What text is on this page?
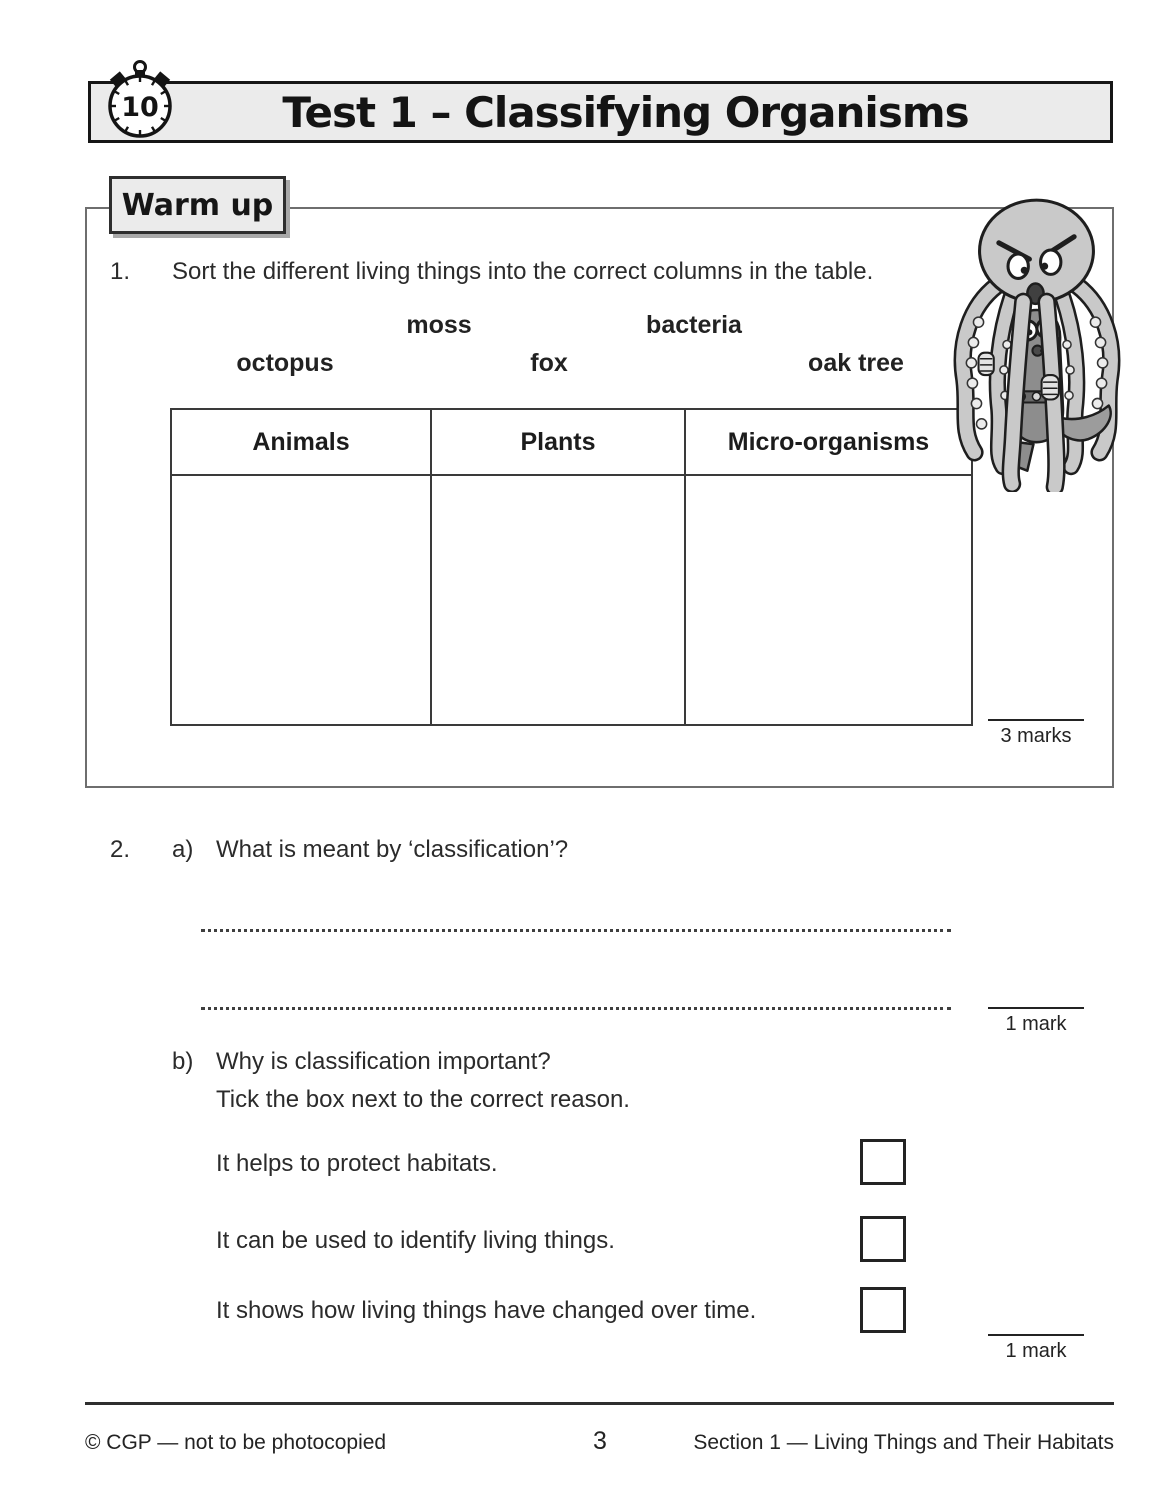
Test 1 – Classifying Organisms
10
Warm up
1. Sort the different living things into the correct columns in the table.
moss	bacteria
octopus	fox	oak tree
Animals	Plants	Micro-organisms

3 marks
2. a) What is meant by ‘classification’?
1 mark
b) Why is classification important?
Tick the box next to the correct reason.
It helps to protect habitats.
It can be used to identify living things.
It shows how living things have changed over time.
1 mark
© CGP — not to be photocopied	3	Section 1 — Living Things and Their Habitats
